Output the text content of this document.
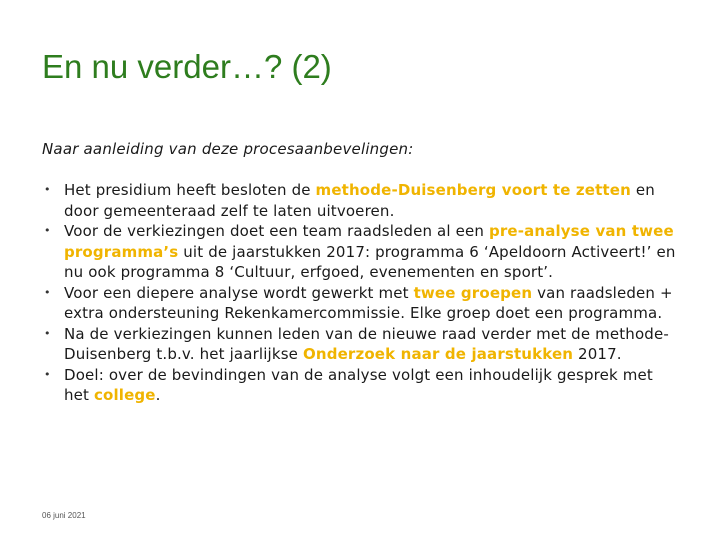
En nu verder…? (2)

Naar aanleiding van deze procesaanbevelingen:

• Het presidium heeft besloten de methode-Duisenberg voort te zetten en door gemeenteraad zelf te laten uitvoeren.
• Voor de verkiezingen doet een team raadsleden al een pre-analyse van twee programma’s uit de jaarstukken 2017: programma 6 ‘Apeldoorn Activeert!’ en nu ook programma 8 ‘Cultuur, erfgoed, evenementen en sport’.
• Voor een diepere analyse wordt gewerkt met twee groepen van raadsleden + extra ondersteuning Rekenkamercommissie. Elke groep doet een programma.
• Na de verkiezingen kunnen leden van de nieuwe raad verder met de methode-Duisenberg t.b.v. het jaarlijkse Onderzoek naar de jaarstukken 2017.
• Doel: over de bevindingen van de analyse volgt een inhoudelijk gesprek met het college.
06 juni 2021
